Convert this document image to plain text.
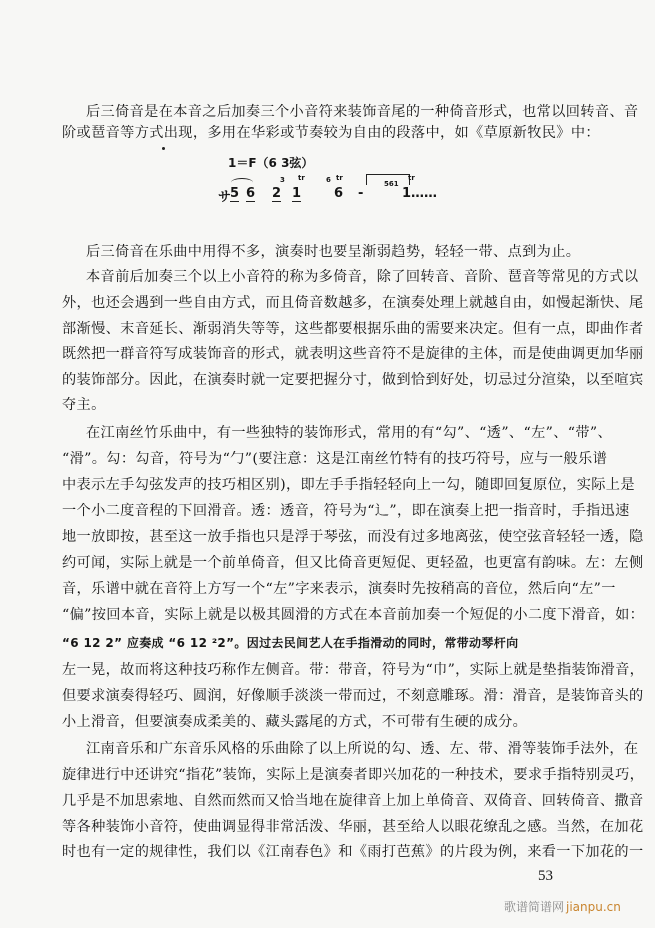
后三倚音是在本音之后加奏三个小音符来装饰音尾的一种倚音形式，也常以回转音、音
阶或琶音等方式出现，多用在华彩或节奏较为自由的段落中，如《草原新牧民》中：
1＝F（6 3弦）
サ
5 6 2
3
1
tr	6 tr
6 -
561
tr
1……
后三倚音在乐曲中用得不多，演奏时也要呈渐弱趋势，轻轻一带、点到为止。
本音前后加奏三个以上小音符的称为多倚音，除了回转音、音阶、琶音等常见的方式以
外，也还会遇到一些自由方式，而且倚音数越多，在演奏处理上就越自由，如慢起渐快、尾
部渐慢、末音延长、渐弱消失等等，这些都要根据乐曲的需要来决定。但有一点，即曲作者
既然把一群音符写成装饰音的形式，就表明这些音符不是旋律的主体，而是使曲调更加华丽
的装饰部分。因此，在演奏时就一定要把握分寸，做到恰到好处，切忌过分渲染，以至喧宾
夺主。
在江南丝竹乐曲中，有一些独特的装饰形式，常用的有“勾”、“透”、“左”、“带”、
“滑”。勾：勾音，符号为“勹”(要注意：这是江南丝竹特有的技巧符号，应与一般乐谱
中表示左手勾弦发声的技巧相区别)，即左手手指轻轻向上一勾，随即回复原位，实际上是
一个小二度音程的下回滑音。透：透音，符号为“辶”，即在演奏上把一指音时，手指迅速
地一放即按，甚至这一放手指也只是浮于琴弦，而没有过多地离弦，使空弦音轻轻一透，隐
约可闻，实际上就是一个前单倚音，但又比倚音更短促、更轻盈，也更富有韵味。左：左侧
音，乐谱中就在音符上方写一个“左”字来表示，演奏时先按稍高的音位，然后向“左”一
“偏”按回本音，实际上就是以极其圆滑的方式在本音前加奏一个短促的小二度下滑音，如：
“6 12 2” 应奏成 “6 12 ²2”。因过去民间艺人在手指滑动的同时，常带动琴杆向
左一晃，故而将这种技巧称作左侧音。带：带音，符号为“巾”，实际上就是垫指装饰滑音，
但要求演奏得轻巧、圆润，好像顺手淡淡一带而过，不刻意雕琢。滑：滑音，是装饰音头的
小上滑音，但要演奏成柔美的、藏头露尾的方式，不可带有生硬的成分。
江南音乐和广东音乐风格的乐曲除了以上所说的勾、透、左、带、滑等装饰手法外，在
旋律进行中还讲究“指花”装饰，实际上是演奏者即兴加花的一种技术，要求手指特别灵巧，
几乎是不加思索地、自然而然而又恰当地在旋律音上加上单倚音、双倚音、回转倚音、撒音
等各种装饰小音符，使曲调显得非常活泼、华丽，甚至给人以眼花缭乱之感。当然，在加花
时也有一定的规律性，我们以《江南春色》和《雨打芭蕉》的片段为例，来看一下加花的一
53
歌谱简谱网 jianpu.cn
